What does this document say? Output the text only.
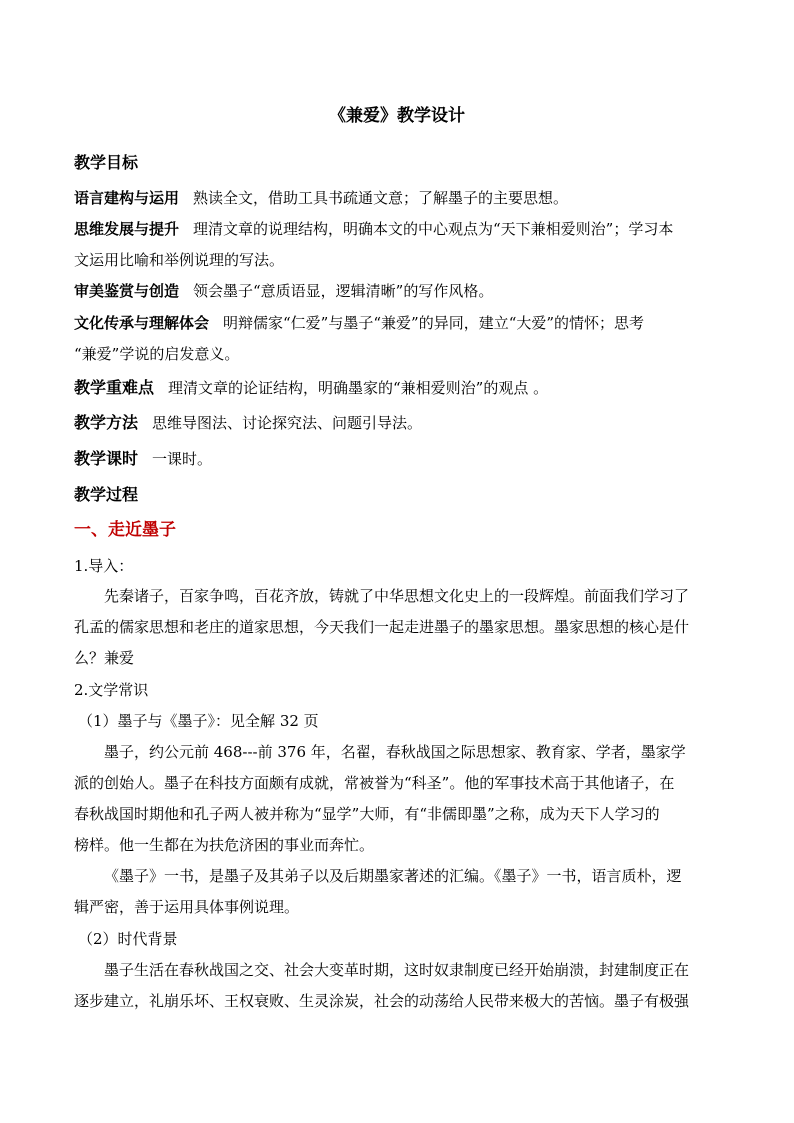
《兼爱》教学设计
教学目标
语言建构与运用 熟读全文，借助工具书疏通文意；了解墨子的主要思想。
思维发展与提升 理清文章的说理结构，明确本文的中心观点为“天下兼相爱则治”；学习本
文运用比喻和举例说理的写法。
审美鉴赏与创造 领会墨子“意质语显，逻辑清晰”的写作风格。
文化传承与理解体会 明辩儒家“仁爱”与墨子“兼爱”的异同，建立“大爱”的情怀；思考
“兼爱”学说的启发意义。
教学重难点 理清文章的论证结构，明确墨家的“兼相爱则治”的观点 。
教学方法 思维导图法、讨论探究法、问题引导法。
教学课时 一课时。
教学过程
一、走近墨子
1.导入：
先秦诸子，百家争鸣，百花齐放，铸就了中华思想文化史上的一段辉煌。前面我们学习了
孔孟的儒家思想和老庄的道家思想，今天我们一起走进墨子的墨家思想。墨家思想的核心是什
么？兼爱
2.文学常识
（1）墨子与《墨子》：见全解 32 页
墨子，约公元前 468---前 376 年，名翟，春秋战国之际思想家、教育家、学者，墨家学
派的创始人。墨子在科技方面颇有成就，常被誉为“科圣”。他的军事技术高于其他诸子，在
春秋战国时期他和孔子两人被并称为“显学”大师，有“非儒即墨”之称，成为天下人学习的
榜样。他一生都在为扶危济困的事业而奔忙。
《墨子》一书，是墨子及其弟子以及后期墨家著述的汇编。《墨子》一书，语言质朴，逻
辑严密，善于运用具体事例说理。
（2）时代背景
墨子生活在春秋战国之交、社会大变革时期，这时奴隶制度已经开始崩溃，封建制度正在
逐步建立，礼崩乐坏、王权衰败、生灵涂炭，社会的动荡给人民带来极大的苦恼。墨子有极强
